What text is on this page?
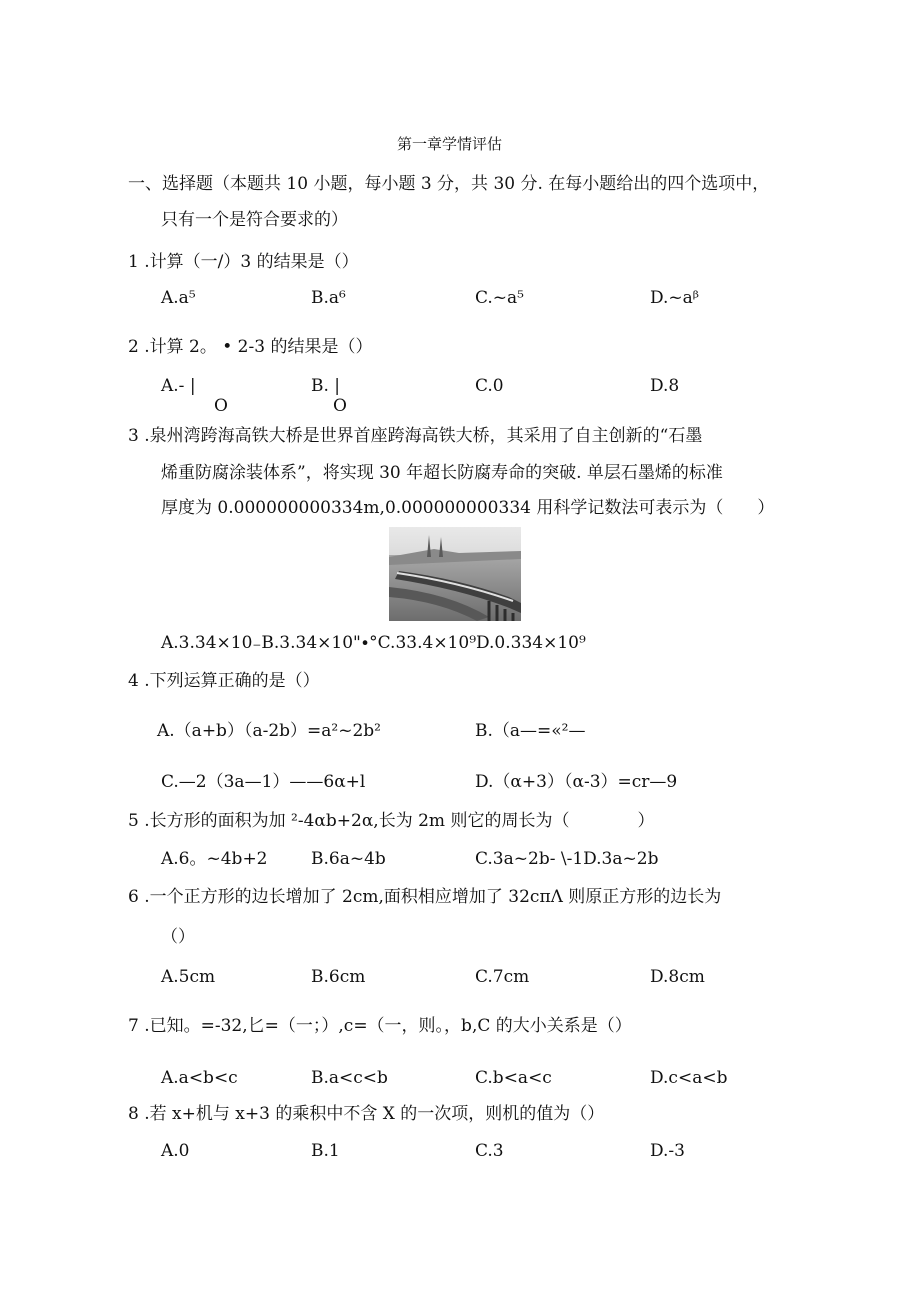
第一章学情评估
一、选择题（本题共 10 小题，每小题 3 分，共 30 分. 在每小题给出的四个选项中，
只有一个是符合要求的）
1 .计算（一/）3 的结果是（）
A.a⁵	B.a⁶	C.~a⁵	D.~aᵝ
2 .计算 2。 • 2-3 的结果是（）
A.- |
O
B. |
O
C.0	D.8
3 .泉州湾跨海高铁大桥是世界首座跨海高铁大桥，其采用了自主创新的“石墨
烯重防腐涂装体系”，将实现 30 年超长防腐寿命的突破. 单层石墨烯的标准
厚度为 0.000000000334m,0.000000000334 用科学记数法可表示为（　　）
A.3.34×10₋B.3.34×10"∙°C.33.4×10⁹D.0.334×10⁹
4 .下列运算正确的是（）
A.（a+b）（a-2b）=a²~2b²	B.（a—=«²—
C.—2（3a—1）——6α+l	D.（α+3）（α-3）=cr—9
5 .长方形的面积为加 ²-4αb+2α,长为 2m 则它的周长为（　　　　）
A.6。~4b+2	B.6a~4b	C.3a~2b- \-1D.3a~2b
6 .一个正方形的边长增加了 2cm,面积相应增加了 32cπΛ 则原正方形的边长为
（）
A.5cm	B.6cm	C.7cm	D.8cm
7 .已知。=-32,匕=（一；）,c=（一，则。，b,C 的大小关系是（）
A.a<b<c	B.a<c<b	C.b<a<c	D.c<a<b
8 .若 x+机与 x+3 的乘积中不含 X 的一次项，则机的值为（）
A.0	B.1	C.3	D.-3
